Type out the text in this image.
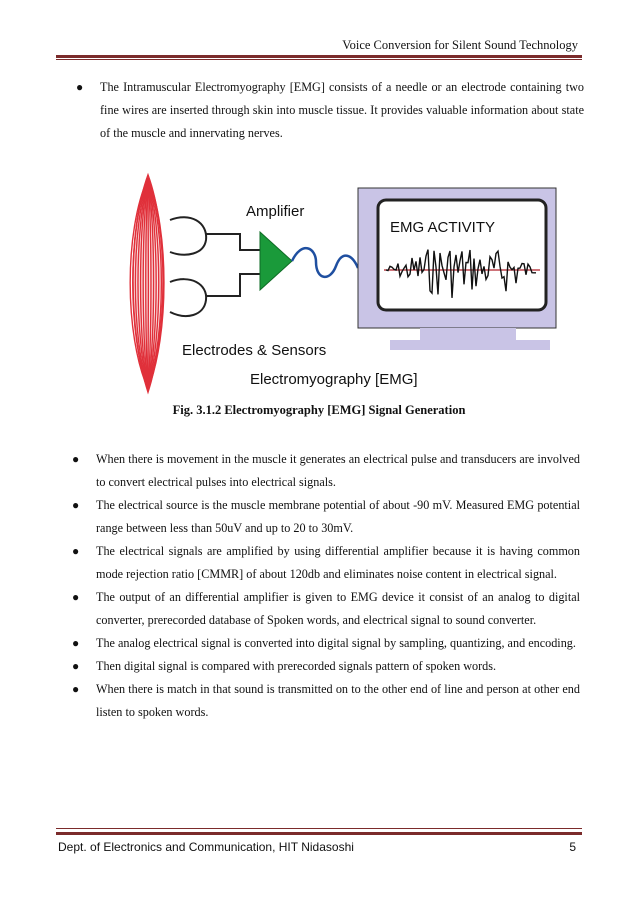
Voice Conversion for Silent Sound Technology
● The Intramuscular Electromyography [EMG] consists of a needle or an electrode containing two fine wires are inserted through skin into muscle tissue. It provides valuable information about state of the muscle and innervating nerves.
Amplifier
EMG ACTIVITY
Electrodes & Sensors
Electromyography [EMG]
Fig. 3.1.2 Electromyography [EMG] Signal Generation
● When there is movement in the muscle it generates an electrical pulse and transducers are involved to convert electrical pulses into electrical signals.
● The electrical source is the muscle membrane potential of about -90 mV. Measured EMG potential range between less than 50uV and up to 20 to 30mV.
● The electrical signals are amplified by using differential amplifier because it is having common mode rejection ratio [CMMR] of about 120db and eliminates noise content in electrical signal.
● The output of an differential amplifier is given to EMG device it consist of an analog to digital converter, prerecorded database of Spoken words, and electrical signal to sound converter.
● The analog electrical signal is converted into digital signal by sampling, quantizing, and encoding.
● Then digital signal is compared with prerecorded signals pattern of spoken words.
● When there is match in that sound is transmitted on to the other end of line and person at other end listen to spoken words.
Dept. of Electronics and Communication, HIT Nidasoshi	5
